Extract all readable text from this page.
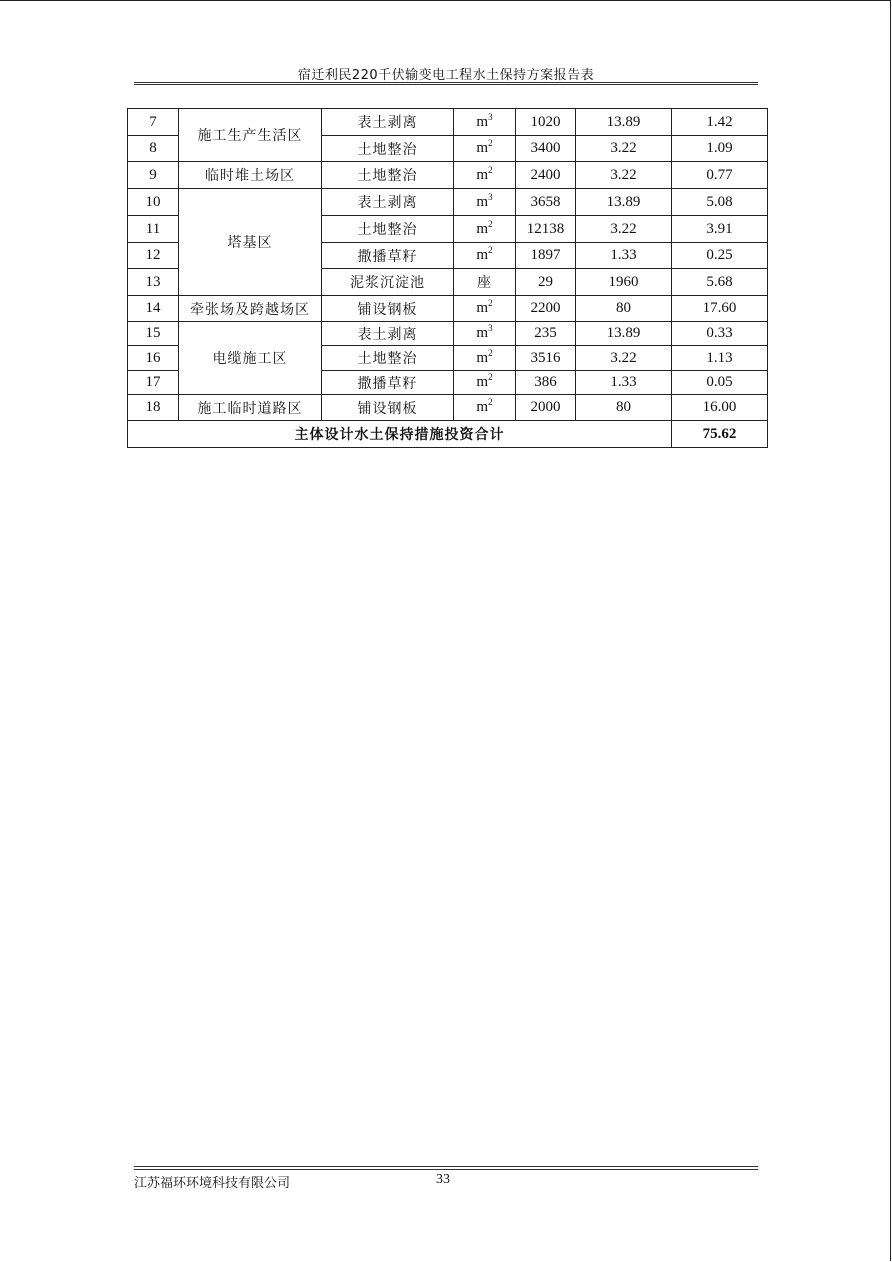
宿迁利民220千伏输变电工程水土保持方案报告表
7	施工生产生活区	表土剥离	$m^3$	1020	13.89	1.42
8		土地整治	$m^2$	3400	3.22	1.09
9	临时堆土场区	土地整治	$m^2$	2400	3.22	0.77
10	塔基区	表土剥离	$m^3$	3658	13.89	5.08
11		土地整治	$m^2$	12138	3.22	3.91
12		撒播草籽	$m^2$	1897	1.33	0.25
13		泥浆沉淀池	座	29	1960	5.68
14	牵张场及跨越场区	铺设钢板	$m^2$	2200	80	17.60
15	电缆施工区	表土剥离	$m^3$	235	13.89	0.33
16		土地整治	$m^2$	3516	3.22	1.13
17		撒播草籽	$m^2$	386	1.33	0.05
18	施工临时道路区	铺设钢板	$m^2$	2000	80	16.00
主体设计水土保持措施投资合计						75.62
江苏福环环境科技有限公司	33
